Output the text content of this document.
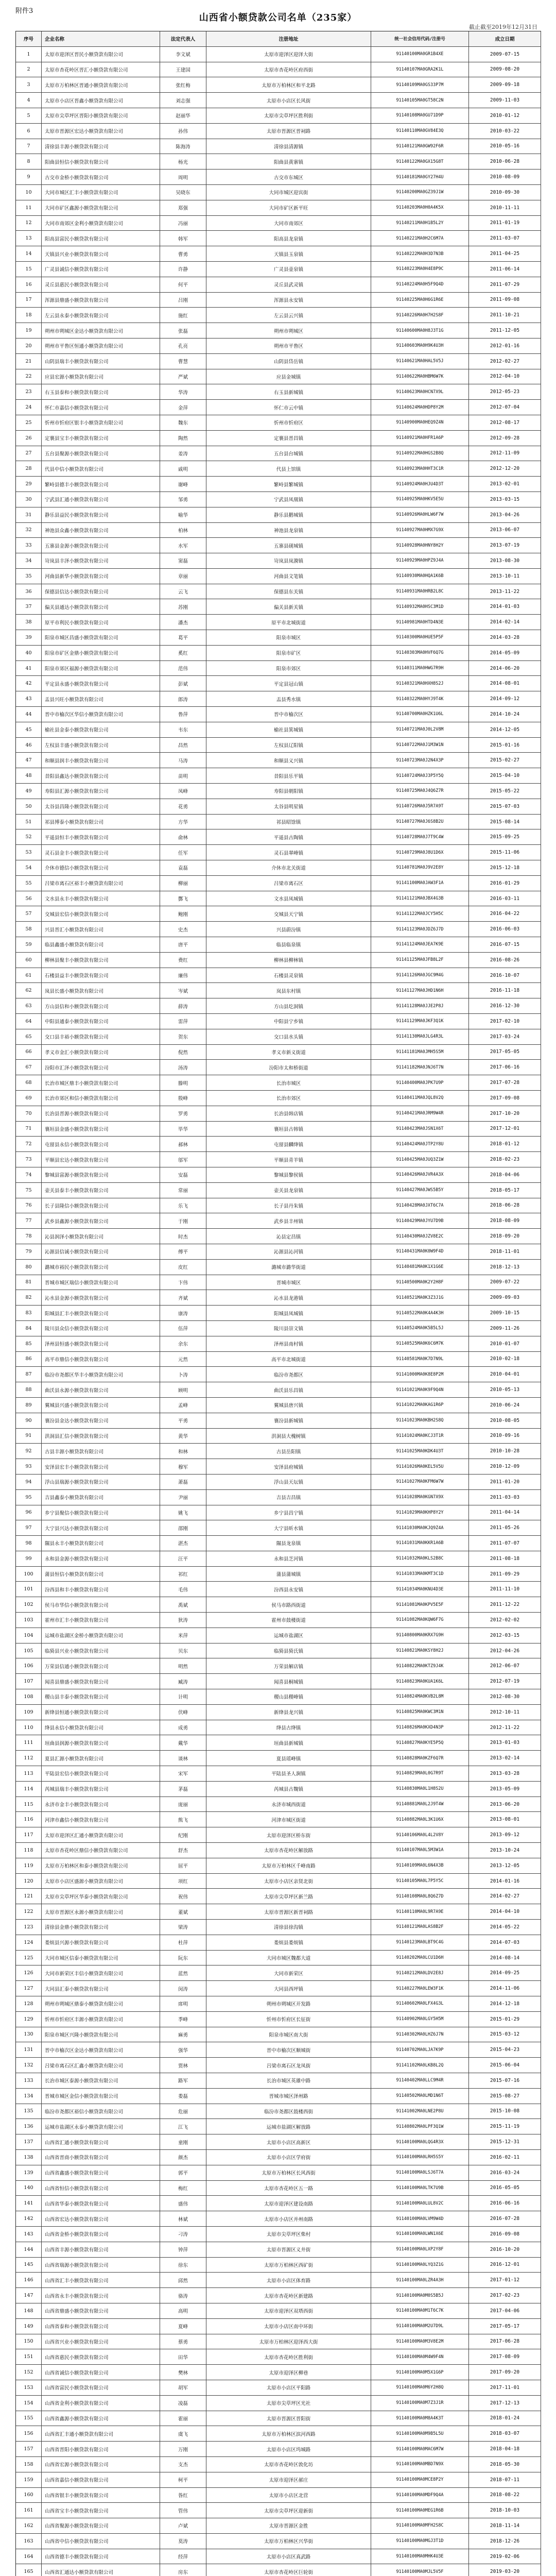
附件3
山西省小额贷款公司名单（235家）
截止截至2019年12月31日
序号	企业名称	法定代表人	注册地址	统一社会信用代码/注册号	成立日期
1	太原市迎泽区晋民小额贷款有限公司	李文斌	太原市迎泽区迎泽大街	91140100MA0GR1B4XE	2009-07-15
2	太原市杏花岭区晋汇小额贷款有限公司	王建国	太原市杏花岭区府西街	91140107MA0GRA2K1L	2009-08-20
3	太原市万柏林区晋通小额贷款有限公司	张红梅	太原市万柏林区和平北路	91140109MA0GS33P7M	2009-09-18
4	太原市小店区晋鑫小额贷款有限公司	刘志强	太原市小店区长风街	91140105MA0GT58C2N	2009-11-03
5	太原市尖草坪区晋阳小额贷款有限公司	赵丽华	太原市尖草坪区胜利街	91140108MA0GU71D9P	2010-01-12
6	太原市晋源区宏达小额贷款有限公司	孙伟	太原市晋源区晋祠路	91140110MA0GV84E3Q	2010-03-22
7	清徐县丰源小额贷款有限公司	陈海涛	清徐县清源镇	91140121MA0GW92F6R	2010-05-16
8	阳曲县恒信小额贷款有限公司	杨光	阳曲县黄寨镇	91140122MA0GX15G8T	2010-06-28
9	古交市金桥小额贷款有限公司	周明	古交市东城区	91140181MA0GY27H4U	2010-08-09
10	大同市城区汇丰小额贷款有限公司	吴晓东	大同市城区迎宾街	91140200MA0GZ39J1W	2010-09-30
11	大同市矿区鑫源小额贷款有限公司	郑强	大同市矿区新平旺	91140203MA0H0A4K5X	2010-11-11
12	大同市南郊区金利小额贷款有限公司	冯丽	大同市南郊区	91140211MA0H1B5L2Y	2011-01-19
13	阳高县富民小额贷款有限公司	韩军	阳高县龙泉镇	91140221MA0H2C6M7A	2011-03-07
14	天镇县兴业小额贷款有限公司	曹勇	天镇县玉泉镇	91140222MA0H3D7N3B	2011-04-25
15	广灵县诚信小额贷款有限公司	许静	广灵县壶泉镇	91140223MA0H4E8P9C	2011-06-14
16	灵丘县惠民小额贷款有限公司	何平	灵丘县武灵镇	91140224MA0H5F9Q4D	2011-07-29
17	浑源县鼎盛小额贷款有限公司	吕刚	浑源县永安镇	91140225MA0H6G1R6E	2011-09-08
18	左云县永泰小额贷款有限公司	施红	左云县云兴镇	91140226MA0H7H2S8F	2011-10-21
19	朔州市朔城区金达小额贷款有限公司	张磊	朔州市朔城区	91140600MA0H8J3T1G	2011-12-05
20	朔州市平鲁区恒通小额贷款有限公司	孔亮	朔州市平鲁区	91140603MA0H9K4U3H	2012-01-16
21	山阴县瑞丰小额贷款有限公司	曹慧	山阴县岱岳镇	91140621MA0HAL5V5J	2012-02-27
22	应县宏源小额贷款有限公司	严斌	应县金城镇	91140622MA0HBM6W7K	2012-04-10
23	右玉县泰和小额贷款有限公司	华涛	右玉县新城镇	91140623MA0HCN7X9L	2012-05-23
24	怀仁市嘉信小额贷款有限公司	金萍	怀仁市云中镇	91140624MA0HDP8Y2M	2012-07-04
25	忻州市忻府区银丰小额贷款有限公司	魏东	忻州市忻府区	91140900MA0HEQ9Z4N	2012-08-17
26	定襄县宝丰小额贷款有限公司	陶然	定襄县晋昌镇	91140921MA0HFR1A6P	2012-09-28
27	五台县聚源小额贷款有限公司	姜涛	五台县台城镇	91140922MA0HGS2B8Q	2012-11-09
28	代县中信小额贷款有限公司	戚明	代县上馆镇	91140923MA0HHT3C1R	2012-12-20
29	繁峙县德丰小额贷款有限公司	谢峰	繁峙县繁城镇	91140924MA0HJU4D3T	2013-02-01
30	宁武县汇通小额贷款有限公司	邹勇	宁武县凤凰镇	91140925MA0HKV5E5U	2013-03-15
31	静乐县益民小额贷款有限公司	喻华	静乐县鹅城镇	91140926MA0HLW6F7W	2013-04-26
32	神池县众鑫小额贷款有限公司	柏林	神池县龙泉镇	91140927MA0HMX7G9X	2013-06-07
33	五寨县金源小额贷款有限公司	水军	五寨县砚城镇	91140928MA0HNY8H2Y	2013-07-19
34	岢岚县丰泽小额贷款有限公司	窦磊	岢岚县岚漪镇	91140929MA0HPZ9J4A	2013-08-30
35	河曲县新华小额贷款有限公司	章丽	河曲县文笔镇	91140930MA0HQA1K6B	2013-10-11
36	保德县信达小额贷款有限公司	云飞	保德县东关镇	91140931MA0HRB2L8C	2013-11-22
37	偏关县通达小额贷款有限公司	苏刚	偏关县新关镇	91140932MA0HSC3M1D	2014-01-03
38	原平市利民小额贷款有限公司	潘杰	原平市北城街道	91140981MA0HTD4N3E	2014-02-14
39	阳泉市城区昌盛小额贷款有限公司	葛平	阳泉市城区	91140300MA0HUE5P5F	2014-03-28
40	阳泉市矿区金鼎小额贷款有限公司	奚红	阳泉市矿区	91140303MA0HVF6Q7G	2014-05-09
41	阳泉市郊区福源小额贷款有限公司	范伟	阳泉市郊区	91140311MA0HWG7R9H	2014-06-20
42	平定县永盛小额贷款有限公司	彭斌	平定县冠山镇	91140321MA0HXH8S2J	2014-08-01
43	盂县兴旺小额贷款有限公司	郎涛	盂县秀水镇	91140322MA0HYJ9T4K	2014-09-12
44	晋中市榆次区华信小额贷款有限公司	鲁萍	晋中市榆次区	91140700MA0HZK1U6L	2014-10-24
45	榆社县金泰小额贷款有限公司	韦东	榆社县箕城镇	91140721MA0J0L2V8M	2014-12-05
46	左权县丰盛小额贷款有限公司	昌然	左权县辽阳镇	91140722MA0J1M3W1N	2015-01-16
47	和顺县润丰小额贷款有限公司	马涛	和顺县义兴镇	91140723MA0J2N4X3P	2015-02-27
48	昔阳县鑫达小额贷款有限公司	苗明	昔阳县乐平镇	91140724MA0J3P5Y5Q	2015-04-10
49	寿阳县汇源小额贷款有限公司	凤峰	寿阳县朝阳镇	91140725MA0J4Q6Z7R	2015-05-22
50	太谷县昌隆小额贷款有限公司	花勇	太谷县明星镇	91140726MA0J5R7A9T	2015-07-03
51	祁县博泰小额贷款有限公司	方华	祁县昭馀镇	91140727MA0J6S8B2U	2015-08-14
52	平遥县恒丰小额贷款有限公司	俞林	平遥县古陶镇	91140728MA0J7T9C4W	2015-09-25
53	灵石县金丰小额贷款有限公司	任军	灵石县翠峰镇	91140729MA0J8U1D6X	2015-11-06
54	介休市德信小额贷款有限公司	袁磊	介休市北关街道	91140781MA0J9V2E8Y	2015-12-18
55	吕梁市离石区裕丰小额贷款有限公司	柳丽	吕梁市离石区	91141100MA0JAW3F1A	2016-01-29
56	文水县永丰小额贷款有限公司	酆飞	文水县凤城镇	91141121MA0JBX4G3B	2016-03-11
57	交城县宏信小额贷款有限公司	鲍刚	交城县天宁镇	91141122MA0JCY5H5C	2016-04-22
58	兴县晋汇小额贷款有限公司	史杰	兴县蔚汾镇	91141123MA0JDZ6J7D	2016-06-03
59	临县鑫盛小额贷款有限公司	唐平	临县临泉镇	91141124MA0JEA7K9E	2016-07-15
60	柳林县聚丰小额贷款有限公司	费红	柳林县柳林镇	91141125MA0JFB8L2F	2016-08-26
61	石楼县益丰小额贷款有限公司	廉伟	石楼县灵泉镇	91141126MA0JGC9M4G	2016-10-07
62	岚县长盛小额贷款有限公司	岑斌	岚县东村镇	91141127MA0JHD1N6H	2016-11-18
63	方山县信和小额贷款有限公司	薛涛	方山县圪洞镇	91141128MA0JJE2P8J	2016-12-30
64	中阳县通泰小额贷款有限公司	雷萍	中阳县宁乡镇	91141129MA0JKF3Q1K	2017-02-10
65	交口县丰裕小额贷款有限公司	贺东	交口县水头镇	91141130MA0JLG4R3L	2017-03-24
66	孝义市金汇小额贷款有限公司	倪然	孝义市新义街道	91141181MA0JMH5S5M	2017-05-05
67	汾阳市汇泽小额贷款有限公司	汤涛	汾阳市太和桥街道	91141182MA0JNJ6T7N	2017-06-16
68	长治市城区鼎丰小额贷款有限公司	滕明	长治市城区	91140400MA0JPK7U9P	2017-07-28
69	长治市郊区和信小额贷款有限公司	殷峰	长治市郊区	91140411MA0JQL8V2Q	2017-09-08
70	长治县晋源小额贷款有限公司	罗勇	长治县韩店镇	91140421MA0JRM9W4R	2017-10-20
71	襄垣县金盛小额贷款有限公司	毕华	襄垣县古韩镇	91140423MA0JSN1X6T	2017-12-01
72	屯留县永信小额贷款有限公司	郝林	屯留县麟绛镇	91140424MA0JTP2Y8U	2018-01-12
73	平顺县宏达小额贷款有限公司	邬军	平顺县青羊镇	91140425MA0JUQ3Z1W	2018-02-23
74	黎城县富源小额贷款有限公司	安磊	黎城县黎侯镇	91140426MA0JVR4A3X	2018-04-06
75	壶关县泰丰小额贷款有限公司	常丽	壶关县龙泉镇	91140427MA0JWS5B5Y	2018-05-17
76	长子县隆信小额贷款有限公司	乐飞	长子县丹朱镇	91140428MA0JXT6C7A	2018-06-28
77	武乡县鑫源小额贷款有限公司	于刚	武乡县丰州镇	91140429MA0JYU7D9B	2018-08-09
78	沁县润泽小额贷款有限公司	时杰	沁县定昌镇	91140430MA0JZV8E2C	2018-09-20
79	沁源县信诚小额贷款有限公司	傅平	沁源县沁河镇	91140431MA0K0W9F4D	2018-11-01
80	潞城市裕民小额贷款有限公司	皮红	潞城市潞华街道	91140481MA0K1X1G6E	2018-12-13
81	晋城市城区瑞信小额贷款有限公司	卞伟	晋城市城区	91140500MA0K2Y2H8F	2009-07-22
82	沁水县金源小额贷款有限公司	齐斌	沁水县龙港镇	91140521MA0K3Z3J1G	2009-09-03
83	阳城县汇丰小额贷款有限公司	康涛	阳城县凤城镇	91140522MA0K4A4K3H	2009-10-15
84	陵川县众信小额贷款有限公司	伍萍	陵川县崇文镇	91140524MA0K5B5L5J	2009-11-26
85	泽州县恒盛小额贷款有限公司	余东	泽州县南村镇	91140525MA0K6C6M7K	2010-01-07
86	高平市鼎信小额贷款有限公司	元然	高平市北城街道	91140581MA0K7D7N9L	2010-02-18
87	临汾市尧都区华丰小额贷款有限公司	卜涛	临汾市尧都区	91141000MA0K8E8P2M	2010-04-01
88	曲沃县永源小额贷款有限公司	顾明	曲沃县乐昌镇	91141021MA0K9F9Q4N	2010-05-13
89	翼城县兴盛小额贷款有限公司	孟峰	翼城县唐兴镇	91141022MA0KAG1R6P	2010-06-24
90	襄汾县金达小额贷款有限公司	平勇	襄汾县新城镇	91141023MA0KBH2S8Q	2010-08-05
91	洪洞县汇信小额贷款有限公司	黄华	洪洞县大槐树镇	91141024MA0KCJ3T1R	2010-09-16
92	古县丰源小额贷款有限公司	和林	古县岳阳镇	91141025MA0KDK4U3T	2010-10-28
93	安泽县宏丰小额贷款有限公司	穆军	安泽县府城镇	91141026MA0KEL5V5U	2010-12-09
94	浮山县瑞源小额贷款有限公司	萧磊	浮山县天坛镇	91141027MA0KFM6W7W	2011-01-20
95	吉县鑫泰小额贷款有限公司	尹丽	吉县吉昌镇	91141028MA0KGN7X9X	2011-03-03
96	乡宁县聚信小额贷款有限公司	姚飞	乡宁县昌宁镇	91141029MA0KHP8Y2Y	2011-04-14
97	大宁县兴达小额贷款有限公司	邵刚	大宁县昕水镇	91141030MA0KJQ9Z4A	2011-05-26
98	隰县永丰小额贷款有限公司	湛杰	隰县龙泉镇	91141031MA0KKR1A6B	2011-07-07
99	永和县金源小额贷款有限公司	汪平	永和县芝河镇	91141032MA0KLS2B8C	2011-08-18
100	蒲县恒信小额贷款有限公司	祁红	蒲县蒲城镇	91141033MA0KMT3C1D	2011-09-29
101	汾西县和丰小额贷款有限公司	毛伟	汾西县永安镇	91141034MA0KNU4D3E	2011-11-10
102	侯马市华信小额贷款有限公司	禹斌	侯马市路西街道	91141081MA0KPV5E5F	2011-12-22
103	霍州市汇丰小额贷款有限公司	狄涛	霍州市鼓楼街道	91141082MA0KQW6F7G	2012-02-02
104	运城市盐湖区金桥小额贷款有限公司	米萍	运城市盐湖区	91140800MA0KRX7G9H	2012-03-15
105	临猗县兴业小额贷款有限公司	贝东	临猗县猗氏镇	91140821MA0KSY8H2J	2012-04-26
106	万荣县信通小额贷款有限公司	明然	万荣县解店镇	91140822MA0KTZ9J4K	2012-06-07
107	闻喜县鼎盛小额贷款有限公司	臧涛	闻喜县桐城镇	91140823MA0KUA1K6L	2012-07-19
108	稷山县丰泰小额贷款有限公司	计明	稷山县稷峰镇	91140824MA0KVB2L8M	2012-08-30
109	新绛县恒通小额贷款有限公司	伏峰	新绛县龙兴镇	91140825MA0KWC3M1N	2012-10-11
110	绛县永信小额贷款有限公司	成勇	绛县古绛镇	91140826MA0KXD4N3P	2012-11-22
111	垣曲县润源小额贷款有限公司	戴华	垣曲县新城镇	91140827MA0KYE5P5Q	2013-01-03
112	夏县汇源小额贷款有限公司	谈林	夏县瑶峰镇	91140828MA0KZF6Q7R	2013-02-14
113	平陆县宏信小额贷款有限公司	宋军	平陆县圣人涧镇	91140829MA0L0G7R9T	2013-03-28
114	芮城县瑞丰小额贷款有限公司	茅磊	芮城县古魏镇	91140830MA0L1H8S2U	2013-05-09
115	永济市金丰小额贷款有限公司	庞丽	永济市城西街道	91140881MA0L2J9T4W	2013-06-20
116	河津市鑫信小额贷款有限公司	熊飞	河津市城区街道	91140882MA0L3K1U6X	2013-08-01
117	太原市迎泽区汇通小额贷款有限公司	纪刚	太原市迎泽区桥东街	91140106MA0L4L2V8Y	2013-09-12
118	太原市杏花岭区鼎信小额贷款有限公司	舒杰	太原市杏花岭区解放路	91140107MA0L5M3W1A	2013-10-24
119	太原市万柏林区和泰小额贷款有限公司	屈平	太原市万柏林区千峰南路	91140109MA0L6N4X3B	2013-12-05
120	太原市小店区盛源小额贷款有限公司	项红	太原市小店区亲贤北街	91140105MA0L7P5Y5C	2014-01-16
121	太原市尖草坪区华泰小额贷款有限公司	祝伟	太原市尖草坪区新兰路	91140108MA0L8Q6Z7D	2014-02-27
122	太原市晋源区永源小额贷款有限公司	董斌	太原市晋源区新晋祠路	91140110MA0L9R7A9E	2014-04-10
123	清徐县金鼎小额贷款有限公司	梁涛	清徐县徐沟镇	91140121MA0LAS8B2F	2014-05-22
124	娄烦县兴源小额贷款有限公司	杜萍	娄烦县娄烦镇	91140123MA0LBT9C4G	2014-07-03
125	大同市城区信泰小额贷款有限公司	阮东	大同市城区魏都大道	91140202MA0LCU1D6H	2014-08-14
126	大同市新荣区丰信小额贷款有限公司	蓝然	大同市新荣区	91140212MA0LDV2E8J	2014-09-25
127	大同县汇泰小额贷款有限公司	闵涛	大同县西坪镇	91140227MA0LEW3F1K	2014-11-06
128	朔州市朔城区鼎泰小额贷款有限公司	席明	朔州市朔城区开发路	91140602MA0LFX4G3L	2014-12-18
129	忻州市忻府区丰源小额贷款有限公司	季峰	忻州市忻府区长征街	91140902MA0LGY5H5M	2015-01-29
130	阳泉市城区兴隆小额贷款有限公司	麻勇	阳泉市城区南大街	91140302MA0LHZ6J7N	2015-03-12
131	晋中市榆次区金达小额贷款有限公司	强华	晋中市榆次区顺城街	91140702MA0LJA7K9P	2015-04-23
132	吕梁市离石区汇鑫小额贷款有限公司	贾林	吕梁市离石区龙凤街	91141102MA0LKB8L2Q	2015-06-04
133	长治市城区泰源小额贷款有限公司	路军	长治市城区英雄中路	91140402MA0LLC9M4R	2015-07-16
134	晋城市城区金信小额贷款有限公司	娄磊	晋城市城区泽州路	91140502MA0LMD1N6T	2015-08-27
135	临汾市尧都区裕信小额贷款有限公司	危丽	临汾市尧都区鼓楼西街	91141002MA0LNE2P8U	2015-10-08
136	运城市盐湖区永泰小额贷款有限公司	江飞	运城市盐湖区解放路	91140802MA0LPF3Q1W	2015-11-19
137	山西省汇通小额贷款有限公司	童刚	太原市小店区高新区	91140100MA0LQG4R3X	2015-12-31
138	山西省晋商小额贷款有限公司	颜杰	太原市小店区学府街	91140100MA0LRH5S5Y	2016-02-11
139	山西省鑫盛小额贷款有限公司	郭平	太原市万柏林区长风西街	91140100MA0LSJ6T7A	2016-03-24
140	山西省恒信小额贷款有限公司	梅红	太原市杏花岭区五一路	91140100MA0LTK7U9B	2016-05-05
141	山西省华泰小额贷款有限公司	盛伟	太原市迎泽区建设南路	91140100MA0LUL8V2C	2016-06-16
142	山西省宏达小额贷款有限公司	林斌	太原市小店区并州南路	91140100MA0LVM9W4D	2016-07-28
143	山西省金桥小额贷款有限公司	刁涛	太原市尖草坪区柴村	91140100MA0LWN1X6E	2016-09-08
144	山西省丰源小额贷款有限公司	钟萍	太原市晋源区义井街	91140100MA0LXP2Y8F	2016-10-20
145	山西省瑞源小额贷款有限公司	徐东	太原市万柏林区西矿街	91140100MA0LYQ3Z1G	2016-12-01
146	山西省汇丰小额贷款有限公司	邱然	太原市小店区体育路	91140100MA0LZR4A3H	2017-01-12
147	山西省永丰小额贷款有限公司	骆涛	太原市杏花岭区新建路	91140100MA0M0S5B5J	2017-02-23
148	山西省鼎盛小额贷款有限公司	高明	太原市迎泽区双塔西街	91140100MA0M1T6C7K	2017-04-06
149	山西省泰和小额贷款有限公司	夏峰	太原市小店区南中环街	91140100MA0M2U7D9L	2017-05-17
150	山西省兴业小额贷款有限公司	蔡勇	太原市万柏林区迎泽西大街	91140100MA0M3V8E2M	2017-06-28
151	山西省惠民小额贷款有限公司	田华	太原市杏花岭区胜利街	91140100MA0M4W9F4N	2017-08-09
152	山西省诚信小额贷款有限公司	樊林	太原市迎泽区柳巷	91140100MA0M5X1G6P	2017-09-20
153	山西省富民小额贷款有限公司	胡军	太原市小店区平阳路	91140100MA0M6Y2H8Q	2017-11-01
154	山西省金利小额贷款有限公司	凌磊	太原市尖草坪区光社	91140100MA0M7Z3J1R	2017-12-13
155	山西省鑫源小额贷款有限公司	霍丽	太原市晋源区晋阳街	91140100MA0M8A4K3T	2018-01-24
156	山西省汇丰通小额贷款有限公司	虞飞	太原市万柏林区滨河西路	91140100MA0M9B5L5U	2018-03-07
157	山西省晋阳小额贷款有限公司	万刚	太原市小店区坞城路	91140100MA0MAC6M7W	2018-04-18
158	山西省宏源小额贷款有限公司	支杰	太原市杏花岭区敦化坊	91140100MA0MBD7N9X	2018-05-30
159	山西省嘉信小额贷款有限公司	柯平	太原市迎泽区郝庄	91140100MA0MCE8P2Y	2018-07-11
160	山西省银丰小额贷款有限公司	昝红	太原市小店区北营	91140100MA0MDF9Q4A	2018-08-22
161	山西省宝丰小额贷款有限公司	管伟	太原市尖草坪区迎新街	91140100MA0MEG1R6B	2018-10-03
162	山西省聚源小额贷款有限公司	卢斌	太原市晋源区金胜	91140100MA0MFH2S8C	2018-11-14
163	山西省中信小额贷款有限公司	莫涛	太原市万柏林区兴华街	91140100MA0MGJ3T1D	2018-12-26
164	山西省德丰小额贷款有限公司	经萍	太原市小店区真武路	91140100MA0MHK4U3E	2019-02-06
165	山西省汇通达小额贷款有限公司	房东	太原市杏花岭区巨轮街	91140100MA0MJL5V5F	2019-03-20
